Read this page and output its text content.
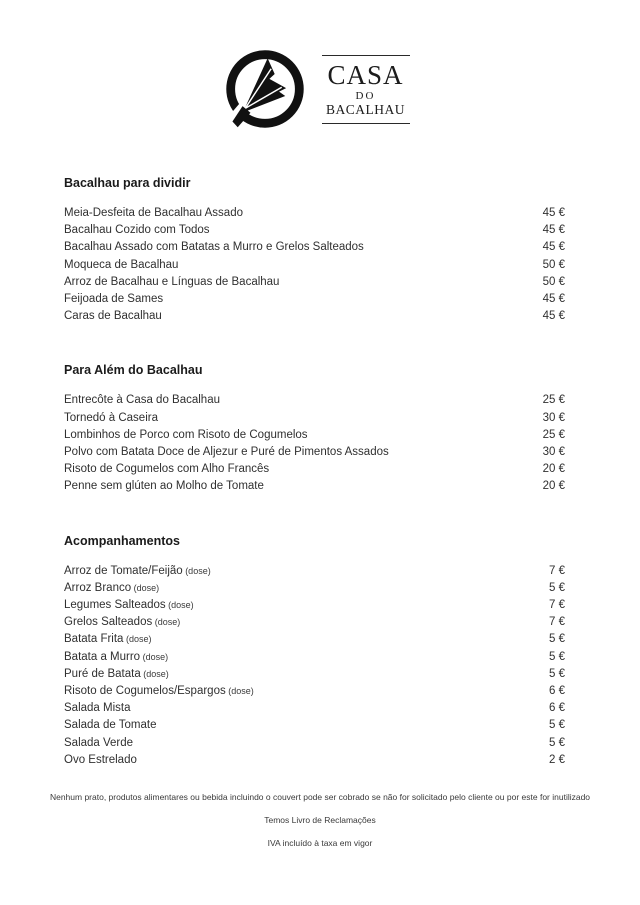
CASA
DO
BACALHAU
Bacalhau para dividir
Meia-Desfeita de Bacalhau Assado	45 €
Bacalhau Cozido com Todos	45 €
Bacalhau Assado com Batatas a Murro e Grelos Salteados	45 €
Moqueca de Bacalhau	50 €
Arroz de Bacalhau e Línguas de Bacalhau	50 €
Feijoada de Sames	45 €
Caras de Bacalhau	45 €
Para Além do Bacalhau
Entrecôte à Casa do Bacalhau	25 €
Tornedó à Caseira	30 €
Lombinhos de Porco com Risoto de Cogumelos	25 €
Polvo com Batata Doce de Aljezur e Puré de Pimentos Assados	30 €
Risoto de Cogumelos com Alho Francês	20 €
Penne sem glúten ao Molho de Tomate	20 €
Acompanhamentos
Arroz de Tomate/Feijão (dose)	7 €
Arroz Branco (dose)	5 €
Legumes Salteados (dose)	7 €
Grelos Salteados (dose)	7 €
Batata Frita (dose)	5 €
Batata a Murro (dose)	5 €
Puré de Batata (dose)	5 €
Risoto de Cogumelos/Espargos (dose)	6 €
Salada Mista	6 €
Salada de Tomate	5 €
Salada Verde	5 €
Ovo Estrelado	2 €

Nenhum prato, produtos alimentares ou bebida incluindo o couvert pode ser cobrado se não for solicitado pelo cliente ou por este for inutilizado

Temos Livro de Reclamações

IVA incluído à taxa em vigor
